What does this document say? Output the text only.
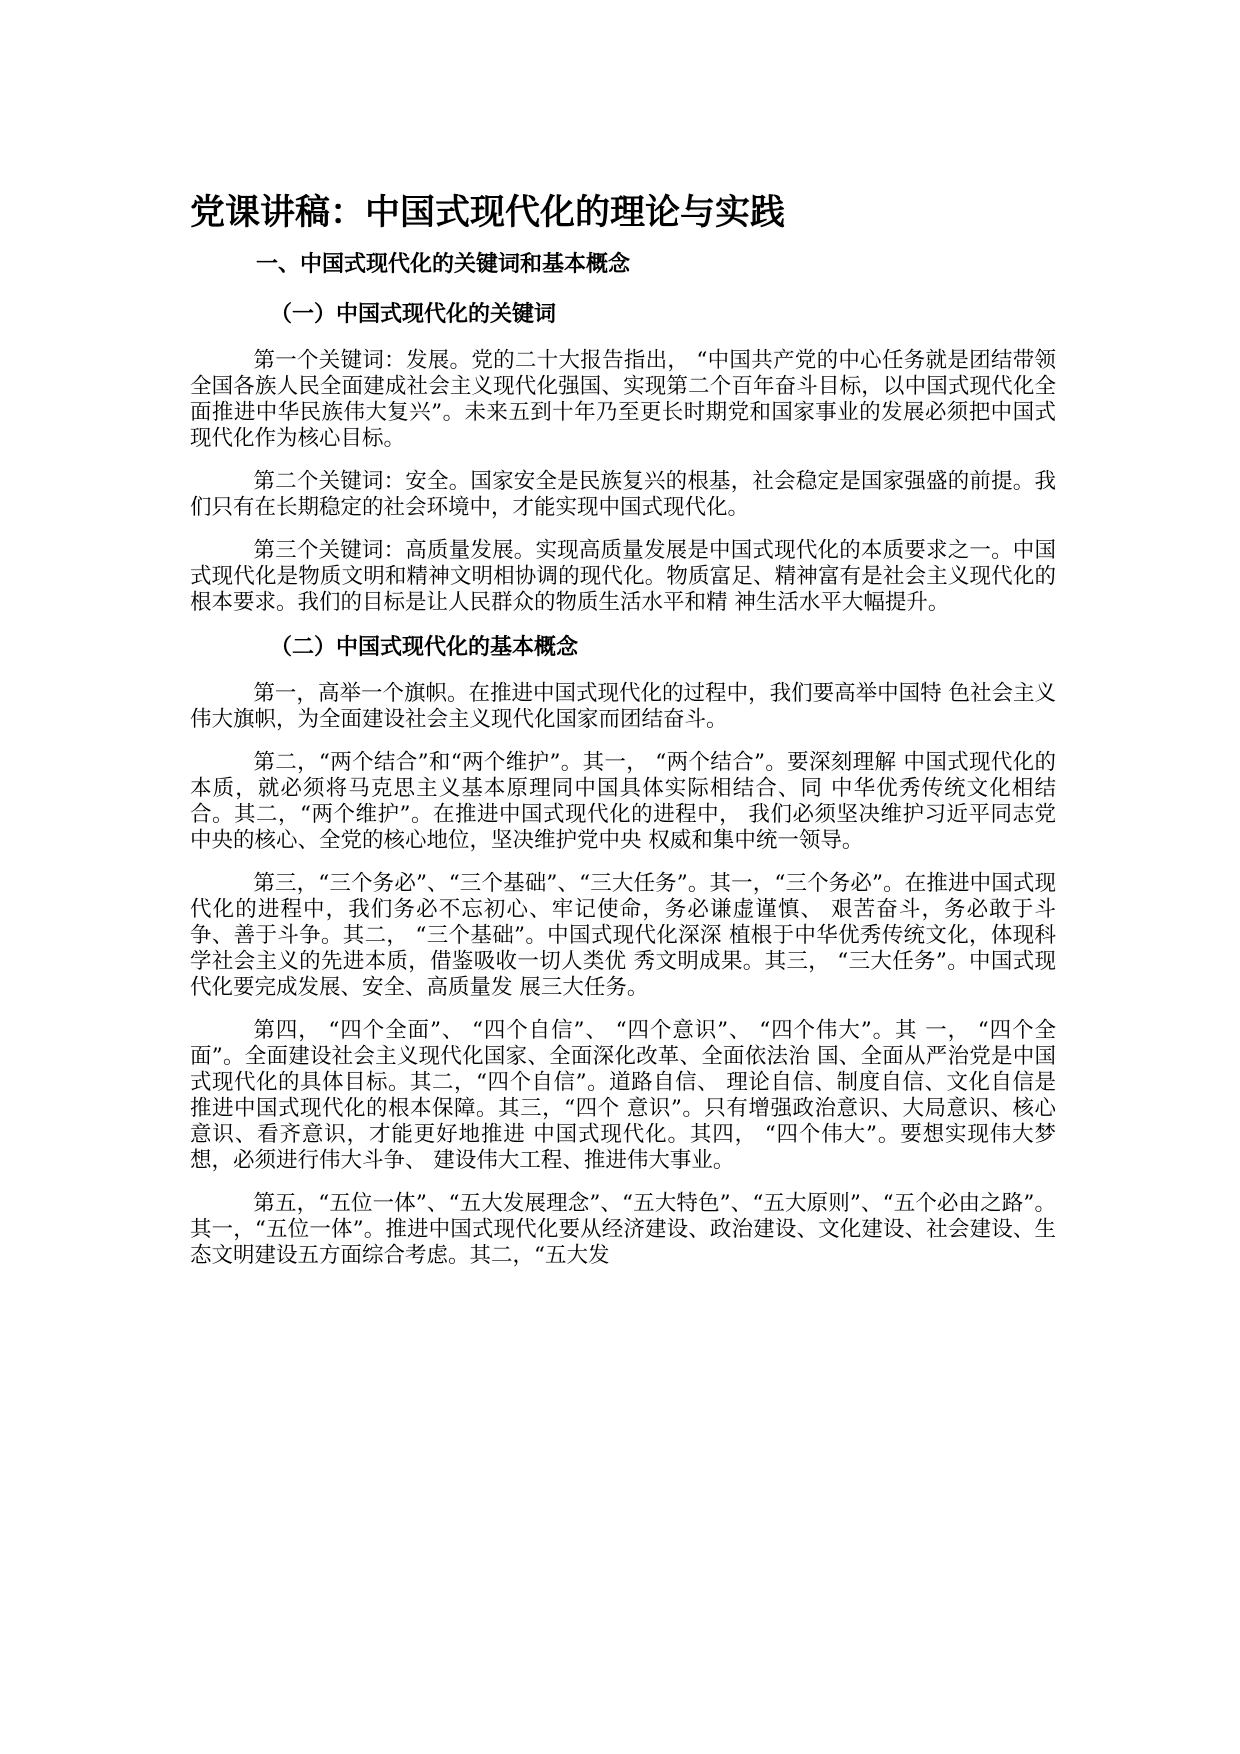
党课讲稿：中国式现代化的理论与实践
一、中国式现代化的关键词和基本概念
（一）中国式现代化的关键词

第一个关键词：发展。党的二十大报告指出， “中国共产党的中心任务就是团结带领全国各族人民全面建成社会主义现代化强国、实现第二个百年奋斗目标，以中国式现代化全面推进中华民族伟大复兴”。未来五到十年乃至更长时期党和国家事业的发展必须把中国式现代化作为核心目标。

第二个关键词：安全。国家安全是民族复兴的根基，社会稳定是国家强盛的前提。我们只有在长期稳定的社会环境中，才能实现中国式现代化。

第三个关键词：高质量发展。实现高质量发展是中国式现代化的本质要求之一。中国式现代化是物质文明和精神文明相协调的现代化。物质富足、精神富有是社会主义现代化的根本要求。我们的目标是让人民群众的物质生活水平和精 神生活水平大幅提升。

（二）中国式现代化的基本概念

第一，高举一个旗帜。在推进中国式现代化的过程中，我们要高举中国特 色社会主义伟大旗帜，为全面建设社会主义现代化国家而团结奋斗。

第二，“两个结合”和“两个维护”。其一， “两个结合”。要深刻理解 中国式现代化的本质，就必须将马克思主义基本原理同中国具体实际相结合、同 中华优秀传统文化相结合。其二，“两个维护”。在推进中国式现代化的进程中， 我们必须坚决维护习近平同志党中央的核心、全党的核心地位，坚决维护党中央 权威和集中统一领导。

第三，“三个务必”、“三个基础”、“三大任务”。其一，“三个务必”。在推进中国式现代化的进程中，我们务必不忘初心、牢记使命，务必谦虚谨慎、 艰苦奋斗，务必敢于斗争、善于斗争。其二， “三个基础”。中国式现代化深深 植根于中华优秀传统文化，体现科学社会主义的先进本质，借鉴吸收一切人类优 秀文明成果。其三， “三大任务”。中国式现代化要完成发展、安全、高质量发 展三大任务。

第四， “四个全面”、 “四个自信”、 “四个意识”、 “四个伟大”。其 一， “四个全面”。全面建设社会主义现代化国家、全面深化改革、全面依法治 国、全面从严治党是中国式现代化的具体目标。其二，“四个自信”。道路自信、 理论自信、制度自信、文化自信是推进中国式现代化的根本保障。其三，“四个 意识”。只有增强政治意识、大局意识、核心意识、看齐意识，才能更好地推进 中国式现代化。其四， “四个伟大”。要想实现伟大梦想，必须进行伟大斗争、 建设伟大工程、推进伟大事业。

第五，“五位一体”、“五大发展理念”、“五大特色”、“五大原则”、“五个必由之路”。其一，“五位一体”。推进中国式现代化要从经济建设、政治建设、文化建设、社会建设、生态文明建设五方面综合考虑。其二，“五大发
